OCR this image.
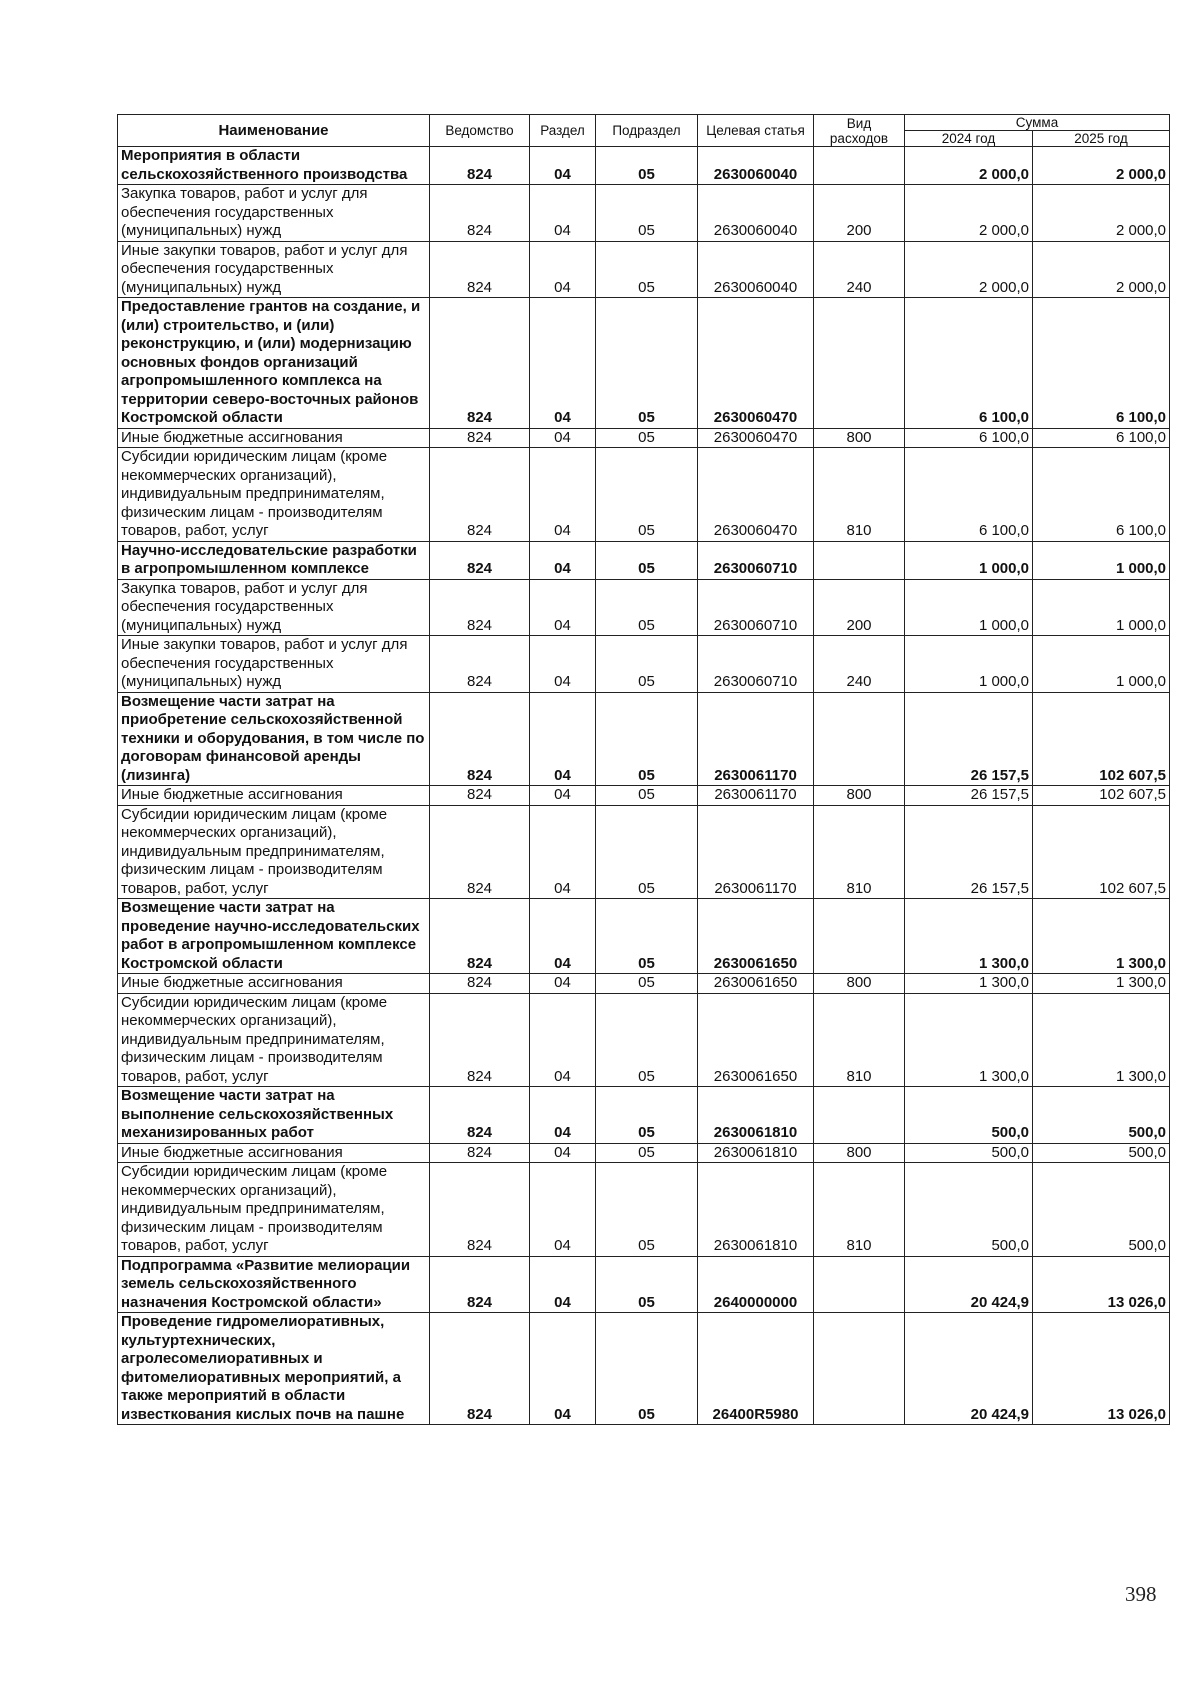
Наименование	Ведомство	Раздел	Подраздел	Целевая статья	Вид расходов	Сумма	
						2024 год	2025 год
Мероприятия в области сельскохозяйственного производства	824	04	05	2630060040		2 000,0	2 000,0
Закупка товаров, работ и услуг для обеспечения государственных (муниципальных) нужд	824	04	05	2630060040	200	2 000,0	2 000,0
Иные закупки товаров, работ и услуг для обеспечения государственных (муниципальных) нужд	824	04	05	2630060040	240	2 000,0	2 000,0
Предоставление грантов на создание, и (или) строительство, и (или) реконструкцию, и (или) модернизацию основных фондов организаций агропромышленного комплекса на территории северо-восточных районов Костромской области	824	04	05	2630060470		6 100,0	6 100,0
Иные бюджетные ассигнования	824	04	05	2630060470	800	6 100,0	6 100,0
Субсидии юридическим лицам (кроме некоммерческих организаций), индивидуальным предпринимателям, физическим лицам - производителям товаров, работ, услуг	824	04	05	2630060470	810	6 100,0	6 100,0
Научно-исследовательские разработки в агропромышленном комплексе	824	04	05	2630060710		1 000,0	1 000,0
Закупка товаров, работ и услуг для обеспечения государственных (муниципальных) нужд	824	04	05	2630060710	200	1 000,0	1 000,0
Иные закупки товаров, работ и услуг для обеспечения государственных (муниципальных) нужд	824	04	05	2630060710	240	1 000,0	1 000,0
Возмещение части затрат на приобретение сельскохозяйственной техники и оборудования, в том числе по договорам финансовой аренды (лизинга)	824	04	05	2630061170		26 157,5	102 607,5
Иные бюджетные ассигнования	824	04	05	2630061170	800	26 157,5	102 607,5
Субсидии юридическим лицам (кроме некоммерческих организаций), индивидуальным предпринимателям, физическим лицам - производителям товаров, работ, услуг	824	04	05	2630061170	810	26 157,5	102 607,5
Возмещение части затрат на проведение научно-исследовательских работ в агропромышленном комплексе Костромской области	824	04	05	2630061650		1 300,0	1 300,0
Иные бюджетные ассигнования	824	04	05	2630061650	800	1 300,0	1 300,0
Субсидии юридическим лицам (кроме некоммерческих организаций), индивидуальным предпринимателям, физическим лицам - производителям товаров, работ, услуг	824	04	05	2630061650	810	1 300,0	1 300,0
Возмещение части затрат на выполнение сельскохозяйственных механизированных работ	824	04	05	2630061810		500,0	500,0
Иные бюджетные ассигнования	824	04	05	2630061810	800	500,0	500,0
Субсидии юридическим лицам (кроме некоммерческих организаций), индивидуальным предпринимателям, физическим лицам - производителям товаров, работ, услуг	824	04	05	2630061810	810	500,0	500,0
Подпрограмма «Развитие мелиорации земель сельскохозяйственного назначения Костромской области»	824	04	05	2640000000		20 424,9	13 026,0
Проведение гидромелиоративных, культуртехнических, агролесомелиоративных и фитомелиоративных мероприятий, а также мероприятий в области известкования кислых почв на пашне	824	04	05	26400R5980		20 424,9	13 026,0
398
